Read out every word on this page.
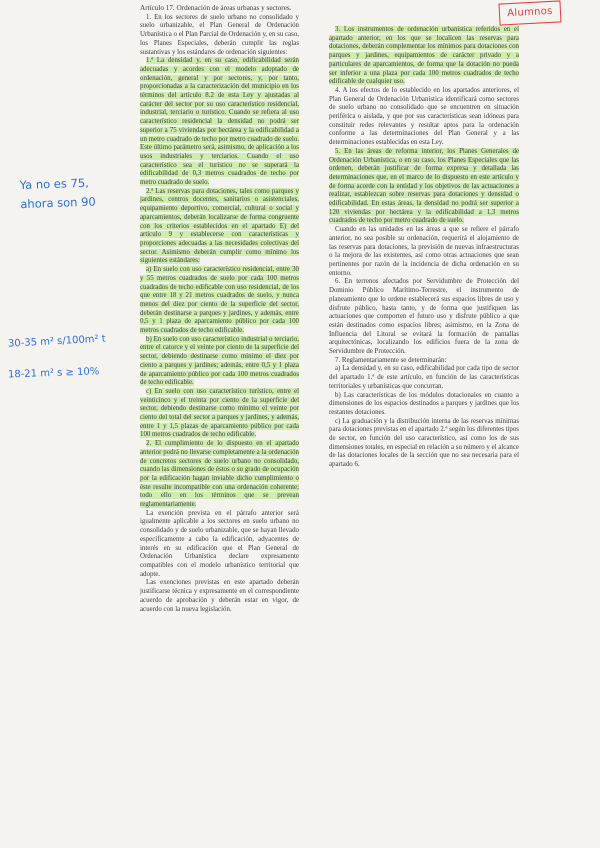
Alumnos
Artículo 17. Ordenación de áreas urbanas y sectores.

1. En los sectores de suelo urbano no consolidado y suelo urbanizable, el Plan General de Ordenación Urbanística o el Plan Parcial de Ordenación y, en su caso, los Planes Especiales, deberán cumplir las reglas sustantivas y los estándares de ordenación siguientes:

1.ª La densidad y, en su caso, edificabilidad serán adecuadas y acordes con el modelo adoptado de ordenación, general y por sectores, y, por tanto, proporcionadas a la caracterización del municipio en los términos del artículo 8.2 de esta Ley y ajustadas al carácter del sector por su uso característico residencial, industrial, terciario o turístico. Cuando se refiera al uso característico residencial la densidad no podrá ser superior a 75 viviendas por hectárea y la edificabilidad a un metro cuadrado de techo por metro cuadrado de suelo. Este último parámetro será, asimismo, de aplicación a los usos industriales y terciarios. Cuando el uso característico sea el turístico no se superará la edificabilidad de 0,3 metros cuadrados de techo por metro cuadrado de suelo.

2.ª Las reservas para dotaciones, tales como parques y jardines, centros docentes, sanitarios o asistenciales, equipamiento deportivo, comercial, cultural o social y aparcamientos, deberán localizarse de forma congruente con los criterios establecidos en el apartado E) del artículo 9 y establecerse con características y proporciones adecuadas a las necesidades colectivas del sector. Asimismo deberán cumplir como mínimo los siguientes estándares:

a) En suelo con uso característico residencial, entre 30 y 55 metros cuadrados de suelo por cada 100 metros cuadrados de techo edificable con uso residencial, de los que entre 18 y 21 metros cuadrados de suelo, y nunca menos del diez por ciento de la superficie del sector, deberán destinarse a parques y jardines, y además, entre 0,5 y 1 plaza de aparcamiento público por cada 100 metros cuadrados de techo edificable.

b) En suelo con uso característico industrial o terciario, entre el catorce y el veinte por ciento de la superficie del sector, debiendo destinarse como mínimo el diez por ciento a parques y jardines; además, entre 0,5 y 1 plaza de aparcamiento público por cada 100 metros cuadrados de techo edificable.

c) En suelo con uso característico turístico, entre el veinticinco y el treinta por ciento de la superficie del sector, debiendo destinarse como mínimo el veinte por ciento del total del sector a parques y jardines, y además, entre 1 y 1,5 plazas de aparcamiento público por cada 100 metros cuadrados de techo edificable.

2. El cumplimiento de lo dispuesto en el apartado anterior podrá no llevarse completamente a la ordenación de concretos sectores de suelo urbano no consolidado, cuando las dimensiones de éstos o su grado de ocupación por la edificación hagan inviable dicho cumplimiento o éste resulte incompatible con una ordenación coherente; todo ello en los términos que se prevean reglamentariamente.

La exención prevista en el párrafo anterior será igualmente aplicable a los sectores en suelo urbano no consolidado y de suelo urbanizable, que se hayan llevado específicamente a cabo la edificación, adyacentes de interés en su edificación que el Plan General de Ordenación Urbanística declare expresamente compatibles con el modelo urbanístico territorial que adopte.

Las exenciones previstas en este apartado deberán justificarse técnica y expresamente en el correspondiente acuerdo de aprobación y deberán estar en vigor, de acuerdo con la nueva legislación.

3. Los instrumentos de ordenación urbanística referidos en el apartado anterior, en los que se localicen las reservas para dotaciones, deberán complementar los mínimos para dotaciones con parques y jardines, equipamientos de carácter privado y a particulares de aparcamientos, de forma que la dotación no pueda ser inferior a una plaza por cada 100 metros cuadrados de techo edificable de cualquier uso.

4. A los efectos de lo establecido en los apartados anteriores, el Plan General de Ordenación Urbanística identificará como sectores de suelo urbano no consolidado que se encuentren en situación periférica o aislada, y que por sus características sean idóneas para constituir redes relevantes y resultar aptos para la ordenación conforme a las determinaciones del Plan General y a las determinaciones establecidas en esta Ley.

5. En las áreas de reforma interior, los Planes Generales de Ordenación Urbanística, o en su caso, los Planes Especiales que las ordenen, deberán justificar de forma expresa y detallada las determinaciones que, en el marco de lo dispuesto en este artículo y de forma acorde con la entidad y los objetivos de las actuaciones a realizar, establezcan sobre reservas para dotaciones y densidad o edificabilidad. En estas áreas, la densidad no podrá ser superior a 120 viviendas por hectárea y la edificabilidad a 1,3 metros cuadrados de techo por metro cuadrado de suelo.

Cuando en las unidades en las áreas a que se refiere el párrafo anterior, no sea posible su ordenación, requerirá el alojamiento de las reservas para dotaciones, la previsión de nuevas infraestructuras o la mejora de las existentes, así como otras actuaciones que sean pertinentes por razón de la incidencia de dicha ordenación en su entorno.

6. En terrenos afectados por Servidumbre de Protección del Dominio Público Marítimo-Terrestre, el instrumento de planeamiento que lo ordene establecerá sus espacios libres de uso y disfrute público, hasta tanto, y de forma que justifiquen las actuaciones que comporten el futuro uso y disfrute público a que están destinados como espacios libres; asimismo, en la Zona de Influencia del Litoral se evitará la formación de pantallas arquitectónicas, localizando los edificios fuera de la zona de Servidumbre de Protección.

7. Reglamentariamente se determinarán:

a) La densidad y, en su caso, edificabilidad por cada tipo de sector del apartado 1.ª de este artículo, en función de las características territoriales y urbanísticas que concurran.

b) Las características de los módulos dotacionales en cuanto a dimensiones de los espacios destinados a parques y jardines que los restantes dotaciones.

c) La graduación y la distribución interna de las reservas mínimas para dotaciones previstas en el apartado 2.ª según los diferentes tipos de sector, en función del uso característico, así como los de sus dimensiones totales, en especial en relación a su número y el alcance de las dotaciones locales de la sección que no sea necesaria para el apartado 6.

Ya no es 75,
ahora son 90
30-35 m² s/100m² t
18-21 m² s ≥ 10%
